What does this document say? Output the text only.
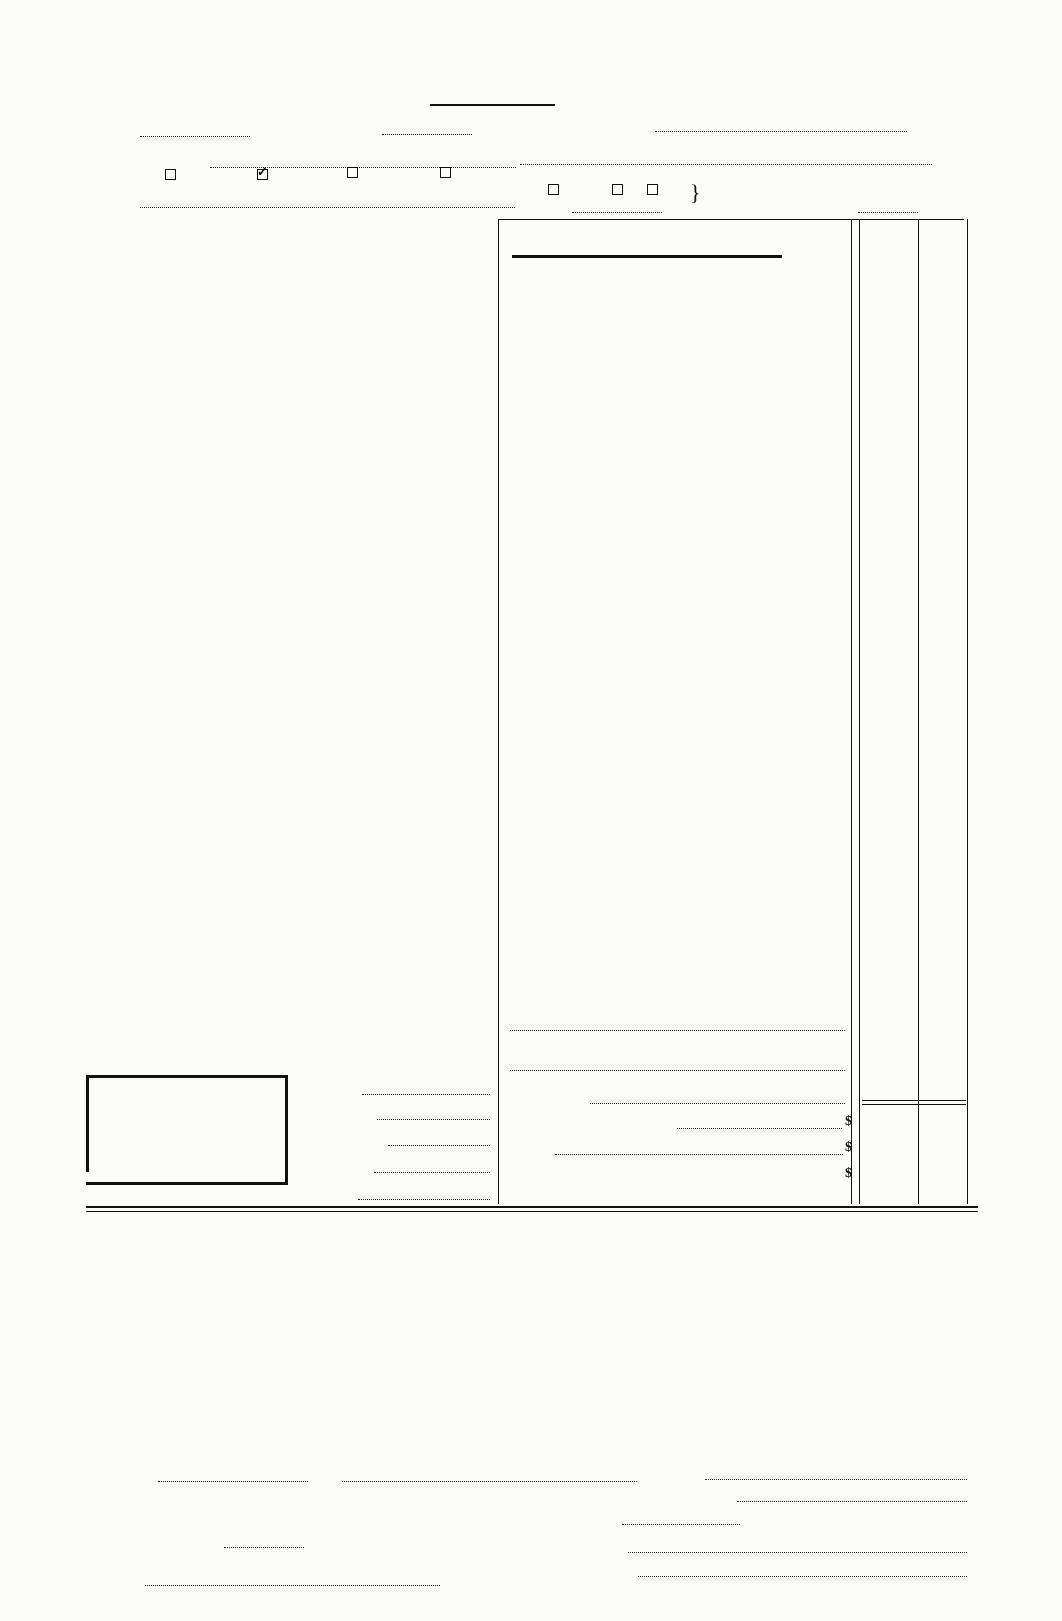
✓
}
$
$
$
